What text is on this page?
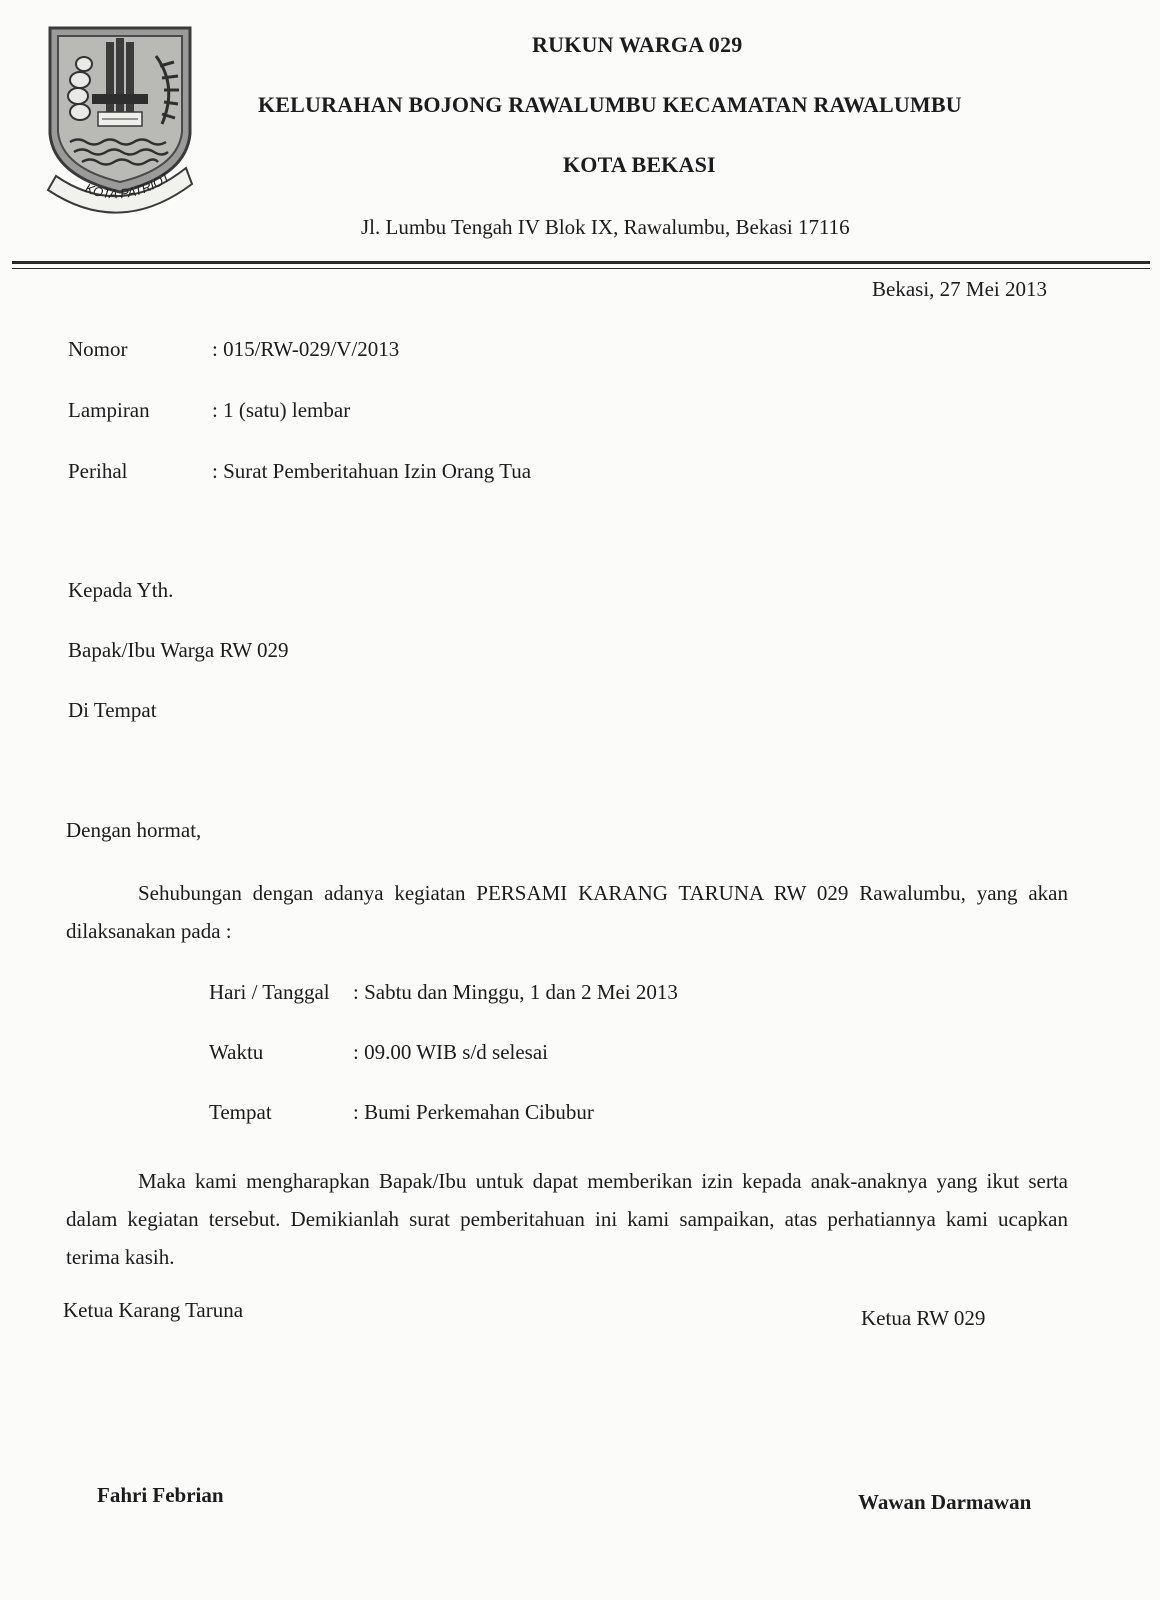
KOTA PATRIOT
RUKUN WARGA 029
KELURAHAN BOJONG RAWALUMBU KECAMATAN RAWALUMBU
KOTA BEKASI
Jl. Lumbu Tengah IV Blok IX, Rawalumbu, Bekasi 17116
Bekasi, 27 Mei 2013
Nomor	: 015/RW-029/V/2013
Lampiran	: 1 (satu) lembar
Perihal	: Surat Pemberitahuan Izin Orang Tua
Kepada Yth.
Bapak/Ibu Warga RW 029
Di Tempat
Dengan hormat,
Sehubungan dengan adanya kegiatan PERSAMI KARANG TARUNA RW 029 Rawalumbu, yang akan dilaksanakan pada :
Hari / Tanggal : Sabtu dan Minggu, 1 dan 2 Mei 2013
Waktu	: 09.00 WIB s/d selesai
Tempat	: Bumi Perkemahan Cibubur
Maka kami mengharapkan Bapak/Ibu untuk dapat memberikan izin kepada anak-anaknya yang ikut serta dalam kegiatan tersebut. Demikianlah surat pemberitahuan ini kami sampaikan, atas perhatiannya kami ucapkan terima kasih.
Ketua Karang Taruna	Ketua RW 029
Fahri Febrian	Wawan Darmawan
